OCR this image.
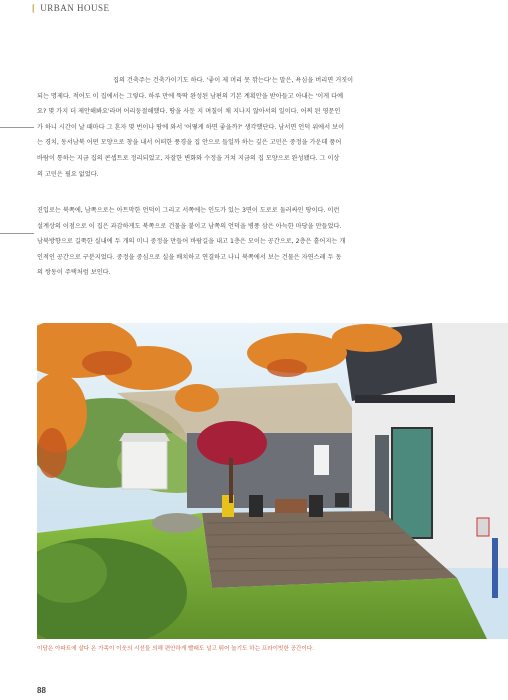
[ URBAN HOUSE
집의 건축주는 건축가이기도 하다. '좋이 제 머리 못 깎는다'는 말은, 욕심을 버리면 거짓이
되는 명제다. 적어도 이 집에서는 그렇다. 하루 만에 뚝딱 완성된 남편의 기본 계획안을 받아들고 아내는 '이게 다예
요? 몇 가지 더 제안해봐요'라며 어리둥절해했다. 땅을 사둔 지 며칠이 채 지나지 않아서의 일이다. 어찌 된 영문인
가 하니 시간이 날 때마다 그 혼자 몇 번이나 땅에 와서 '어떻게 하면 좋을까?' 생각했단다. 남서면 언덕 위에서 보이
는 경치, 동서남북 어떤 모양으로 창을 내서 어떠한 풍경을 집 안으로 들일까 하는 깊은 고민은 중정을 가운데 품어
바람이 통하는 지금 집의 콘셉트로 정리되었고, 자잘한 변화와 수정을 거쳐 지금의 집 모양으로 완성됐다. 그 이상
의 고민은 필요 없었다.
진입로는 북쪽에, 남쪽으로는 아트막한 언덕이 그리고 서쪽에는 인도가 있는 3면이 도로로 둘러싸인 땅이다. 이런
설계상의 이점으로 이 집은 과감하게도 북쪽으로 건물을 붙이고 남쪽의 언덕을 병풍 삼은 아늑한 마당을 만들었다.
남북방향으로 길쭉한 실내에 두 개의 미니 중정을 만들어 바람길을 내고 1층은 모이는 공간으로, 2층은 흩어지는 개
인적인 공간으로 구분지었다. 중정을 중심으로 실을 배치하고 연결하고 나니 북쪽에서 보는 건물은 자연스레 두 동
의 쌍동이 주택처럼 보인다.
이담은 아파트에 살다 온 가족이 이웃의 시선들 의해 편안하게 빨래도 널고 뛰어 놀기도 하는 프라이빗한 공간이다.
88
